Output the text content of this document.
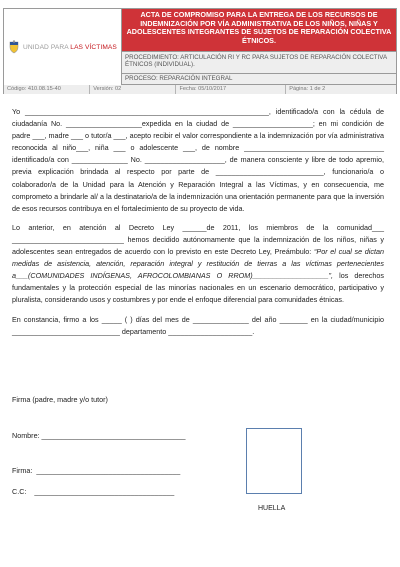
UNIDAD PARA LAS VÍCTIMAS
ACTA DE COMPROMISO PARA LA ENTREGA DE LOS RECURSOS DE INDEMNIZACIÓN POR VÍA ADMINISTRATIVA DE LOS NIÑOS, NIÑAS Y ADOLESCENTES INTEGRANTES DE SUJETOS DE REPARACIÓN COLECTIVA ÉTNICOS.
PROCEDIMIENTO: ARTICULACIÓN RI Y RC PARA SUJETOS DE REPARACIÓN COLECTIVA ÉTNICOS (INDIVIDUAL).
PROCESO: REPARACIÓN INTEGRAL
Código: 410.08.15-40	Versión: 02	Fecha: 05/10/2017	Página: 1 de 2

Yo _____________________________________________________________, identificado/a con la cédula de ciudadanía No. ___________________expedida en la ciudad de ____________________; en mi condición de padre ___, madre ___ o tutor/a ___, acepto recibir el valor correspondiente a la indemnización por vía administrativa reconocida al niño___, niña ___ o adolescente ___, de nombre ___________________________________ identificado/a con ______________ No. ____________________, de manera consciente y libre de todo apremio, previa explicación brindada al respecto por parte de ___________________________, funcionario/a o colaborador/a de la Unidad para la Atención y Reparación Integral a las Víctimas, y en consecuencia, me comprometo a brindarle al/ a la destinatario/a de la indemnización una orientación permanente para que la inversión de esos recursos contribuya en el fortalecimiento de su proyecto de vida.

Lo anterior, en atención al Decreto Ley ______de 2011, los miembros de la comunidad___ ____________________________ hemos decidido autónomamente que la indemnización de los niños, niñas y adolescentes sean entregados de acuerdo con lo previsto en este Decreto Ley, Preámbulo: “Por el cual se dictan medidas de asistencia, atención, reparación integral y restitución de tierras a las víctimas pertenecientes a___(COMUNIDADES INDÍGENAS, AFROCOLOMBIANAS O RROM)___________________”, los derechos fundamentales y la protección especial de las minorías nacionales en un escenario democrático, participativo y pluralista, considerando usos y costumbres y por ende el enfoque diferencial para comunidades étnicas.

En constancia, firmo a los _____ ( ) días del mes de ______________ del año _______ en la ciudad/municipio ___________________________ departamento _____________________.

Firma (padre, madre y/o tutor)
Nombre: ____________________________________
Firma:  ____________________________________
C.C:    ___________________________________
HUELLA
